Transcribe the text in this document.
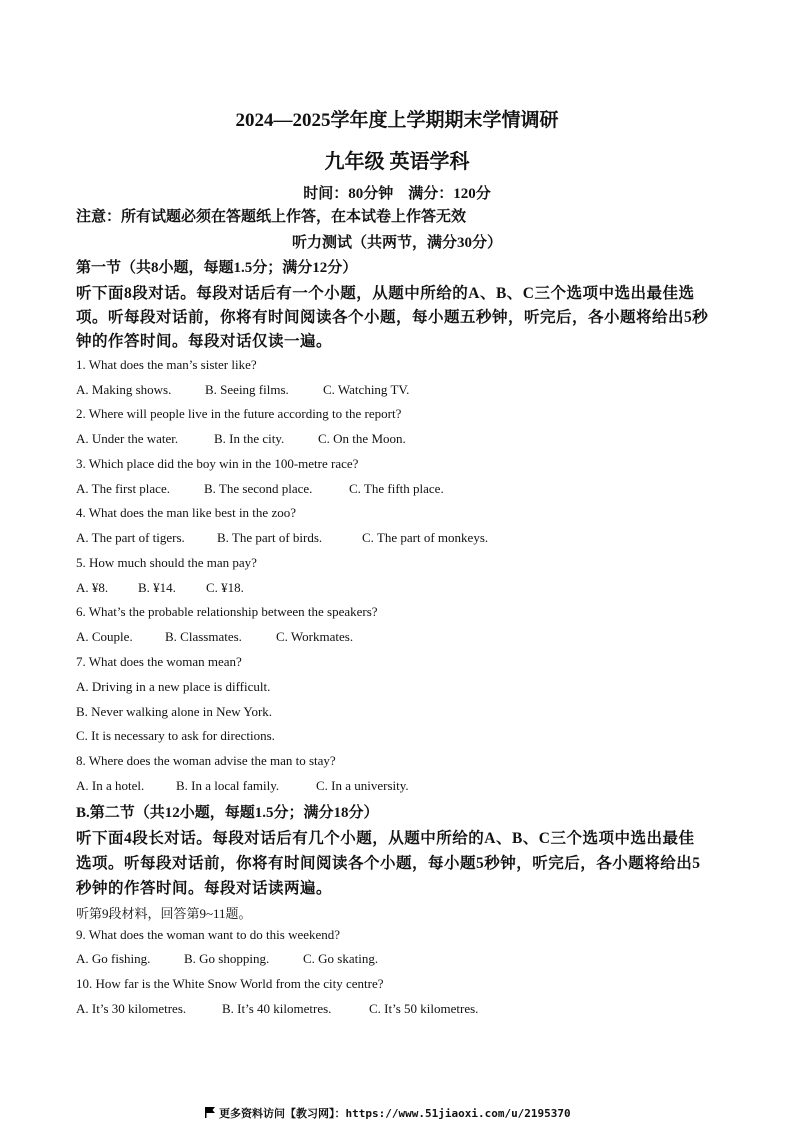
2024—2025学年度上学期期末学情调研
九年级 英语学科
时间：80分钟    满分：120分
注意：所有试题必须在答题纸上作答，在本试卷上作答无效
听力测试（共两节，满分30分）
第一节（共8小题，每题1.5分；满分12分）
听下面8段对话。每段对话后有一个小题，从题中所给的A、B、C三个选项中选出最佳选
项。听每段对话前，你将有时间阅读各个小题，每小题五秒钟，听完后，各小题将给出5秒
钟的作答时间。每段对话仅读一遍。
1. What does the man’s sister like?
A. Making shows.	B. Seeing films.	C. Watching TV.
2. Where will people live in the future according to the report?
A. Under the water.	B. In the city.	C. On the Moon.
3. Which place did the boy win in the 100-metre race?
A. The first place.	B. The second place.	C. The fifth place.
4. What does the man like best in the zoo?
A. The part of tigers. B. The part of birds.	C. The part of monkeys.
5. How much should the man pay?
A. ¥8. B. ¥14. C. ¥18.
6. What’s the probable relationship between the speakers?
A. Couple. B. Classmates.	C. Workmates.
7. What does the woman mean?
A. Driving in a new place is difficult.
B. Never walking alone in New York.
C. It is necessary to ask for directions.
8. Where does the woman advise the man to stay?
A. In a hotel. B. In a local family.	C. In a university.
B.第二节（共12小题，每题1.5分；满分18分）
听下面4段长对话。每段对话后有几个小题，从题中所给的A、B、C三个选项中选出最佳
选项。听每段对话前，你将有时间阅读各个小题，每小题5秒钟，听完后，各小题将给出5
秒钟的作答时间。每段对话读两遍。
听第9段材料，回答第9~11题。
9. What does the woman want to do this weekend?
A. Go fishing.	B. Go shopping.	C. Go skating.
10. How far is the White Snow World from the city centre?
A. It’s 30 kilometres.	B. It’s 40 kilometres.	C. It’s 50 kilometres.
更多资料访问【教习网】：https://www.51jiaoxi.com/u/2195370
